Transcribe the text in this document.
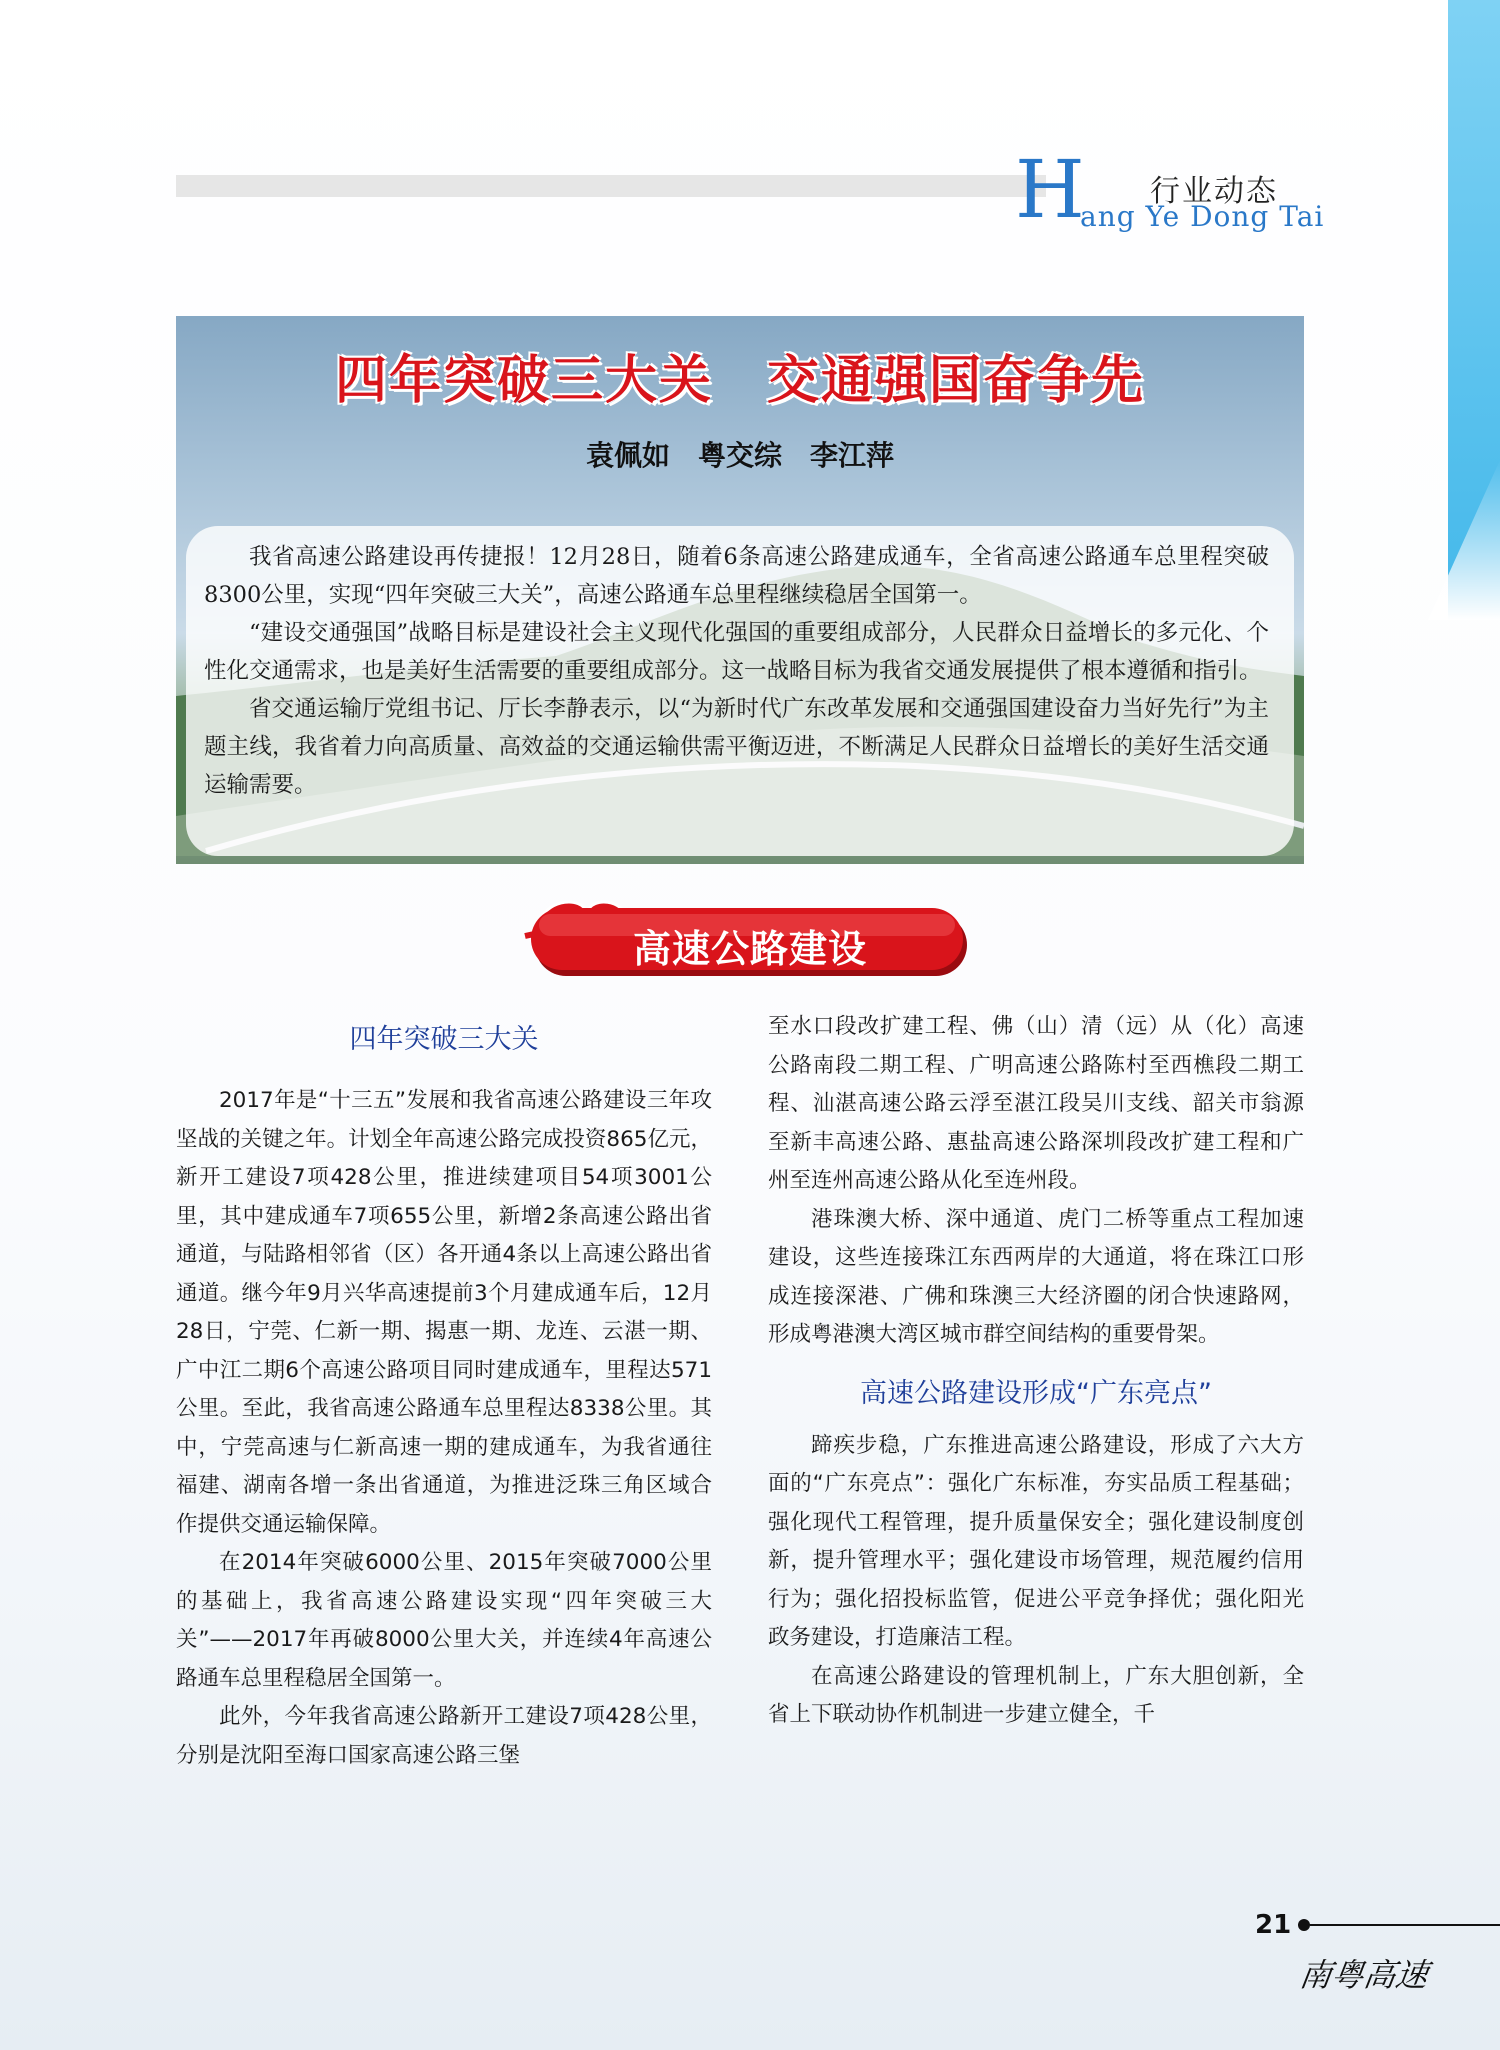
H 行业动态
ang Ye Dong Tai
四年突破三大关　交通强国奋争先
袁佩如　粤交综　李江萍

我省高速公路建设再传捷报！12月28日，随着6条高速公路建成通车，全省高速公路通车总里程突破8300公里，实现“四年突破三大关”，高速公路通车总里程继续稳居全国第一。

“建设交通强国”战略目标是建设社会主义现代化强国的重要组成部分，人民群众日益增长的多元化、个性化交通需求，也是美好生活需要的重要组成部分。这一战略目标为我省交通发展提供了根本遵循和指引。

省交通运输厅党组书记、厅长李静表示，以“为新时代广东改革发展和交通强国建设奋力当好先行”为主题主线，我省着力向高质量、高效益的交通运输供需平衡迈进，不断满足人民群众日益增长的美好生活交通运输需要。

高速公路建设
四年突破三大关

2017年是“十三五”发展和我省高速公路建设三年攻坚战的关键之年。计划全年高速公路完成投资865亿元，新开工建设7项428公里，推进续建项目54项3001公里，其中建成通车7项655公里，新增2条高速公路出省通道，与陆路相邻省（区）各开通4条以上高速公路出省通道。继今年9月兴华高速提前3个月建成通车后，12月28日，宁莞、仁新一期、揭惠一期、龙连、云湛一期、广中江二期6个高速公路项目同时建成通车，里程达571公里。至此，我省高速公路通车总里程达8338公里。其中，宁莞高速与仁新高速一期的建成通车，为我省通往福建、湖南各增一条出省通道，为推进泛珠三角区域合作提供交通运输保障。

在2014年突破6000公里、2015年突破7000公里的基础上，我省高速公路建设实现“四年突破三大关”——2017年再破8000公里大关，并连续4年高速公路通车总里程稳居全国第一。

此外，今年我省高速公路新开工建设7项428公里，分别是沈阳至海口国家高速公路三堡

至水口段改扩建工程、佛（山）清（远）从（化）高速公路南段二期工程、广明高速公路陈村至西樵段二期工程、汕湛高速公路云浮至湛江段吴川支线、韶关市翁源至新丰高速公路、惠盐高速公路深圳段改扩建工程和广州至连州高速公路从化至连州段。

港珠澳大桥、深中通道、虎门二桥等重点工程加速建设，这些连接珠江东西两岸的大通道，将在珠江口形成连接深港、广佛和珠澳三大经济圈的闭合快速路网，形成粤港澳大湾区城市群空间结构的重要骨架。

高速公路建设形成“广东亮点”

蹄疾步稳，广东推进高速公路建设，形成了六大方面的“广东亮点”：强化广东标准，夯实品质工程基础；强化现代工程管理，提升质量保安全；强化建设制度创新，提升管理水平；强化建设市场管理，规范履约信用行为；强化招投标监管，促进公平竞争择优；强化阳光政务建设，打造廉洁工程。

在高速公路建设的管理机制上，广东大胆创新，全省上下联动协作机制进一步建立健全，千

21
南粤高速
